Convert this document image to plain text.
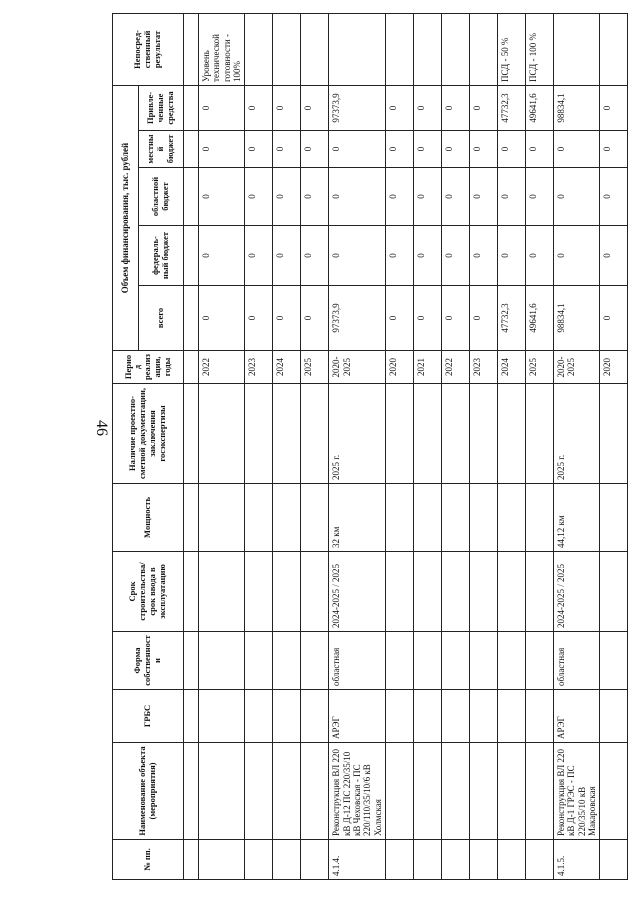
46
№ пп.	Наименование объекта (мероприятия)	ГРБС	Форма собственности	Срок строительства/ срок ввода в эксплуатацию	Мощность	Наличие проектно-сметной документации, заключения госэкспертизы	Период реализации, годы	Объем финансирования, тыс. рублей					Непосред-ственный результат
								всего	федераль-ный бюджет	областной бюджет	местный бюджет	Привле-ченные средства	

							2022	0	0	0	0	0	Уровень технической готовности - 100%
							2023	0	0	0	0	0	
							2024	0	0	0	0	0	
							2025	0	0	0	0	0	
4.1.4.	Реконструкция ВЛ 220 кВ Д-12 ПС 220/35/10 кВ Чеховская - ПС 220/110/35/10/6 кВ Холмская	АРЭГ	областная	2024-2025 / 2025	32 км	2025 г.	2020-2025	97373,9	0	0	0	97373,9	
							2020	0	0	0	0	0	
							2021	0	0	0	0	0	
							2022	0	0	0	0	0	
							2023	0	0	0	0	0	
							2024	47732,3	0	0	0	47732,3	ПСД - 50 %
							2025	49641,6	0	0	0	49641,6	ПСД - 100 %
4.1.5.	Реконструкция ВЛ 220 кВ Д-1 ГРЭС - ПС 220/35/10 кВ Макаровская	АРЭГ	областная	2024-2025 / 2025	44,12 км	2025 г.	2020-2025	98834,1	0	0	0	98834,1	
							2020	0	0	0	0	0	
